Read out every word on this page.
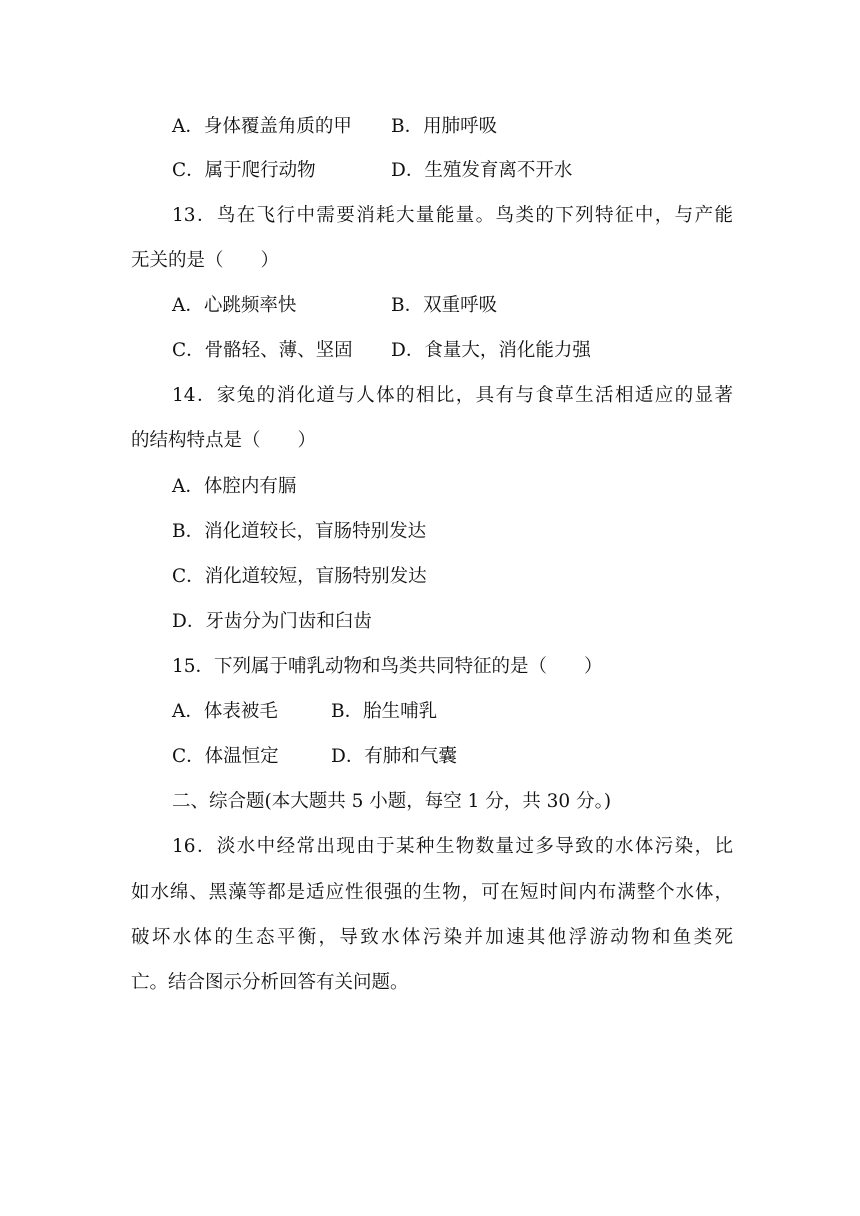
A．身体覆盖角质的甲 B．用肺呼吸
C．属于爬行动物	D．生殖发育离不开水
13．鸟在飞行中需要消耗大量能量。鸟类的下列特征中，与产能
无关的是（　　）
A．心跳频率快	B．双重呼吸
C．骨骼轻、薄、坚固 D．食量大，消化能力强
14．家兔的消化道与人体的相比，具有与食草生活相适应的显著
的结构特点是（　　）
A．体腔内有膈
B．消化道较长，盲肠特别发达
C．消化道较短，盲肠特别发达
D．牙齿分为门齿和臼齿
15．下列属于哺乳动物和鸟类共同特征的是（　　）
A．体表被毛	B．胎生哺乳
C．体温恒定	D．有肺和气囊
二、综合题(本大题共 5 小题，每空 1 分，共 30 分。)
16．淡水中经常出现由于某种生物数量过多导致的水体污染，比
如水绵、黑藻等都是适应性很强的生物，可在短时间内布满整个水体，
破坏水体的生态平衡，导致水体污染并加速其他浮游动物和鱼类死
亡。结合图示分析回答有关问题。
